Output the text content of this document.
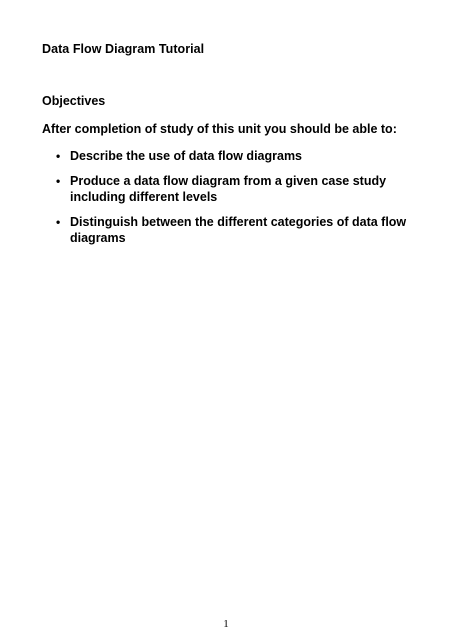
Data Flow Diagram Tutorial
Objectives
After completion of study of this unit you should be able to:
• Describe the use of data flow diagrams
• Produce a data flow diagram from a given case study including different levels
• Distinguish between the different categories of data flow diagrams
1
